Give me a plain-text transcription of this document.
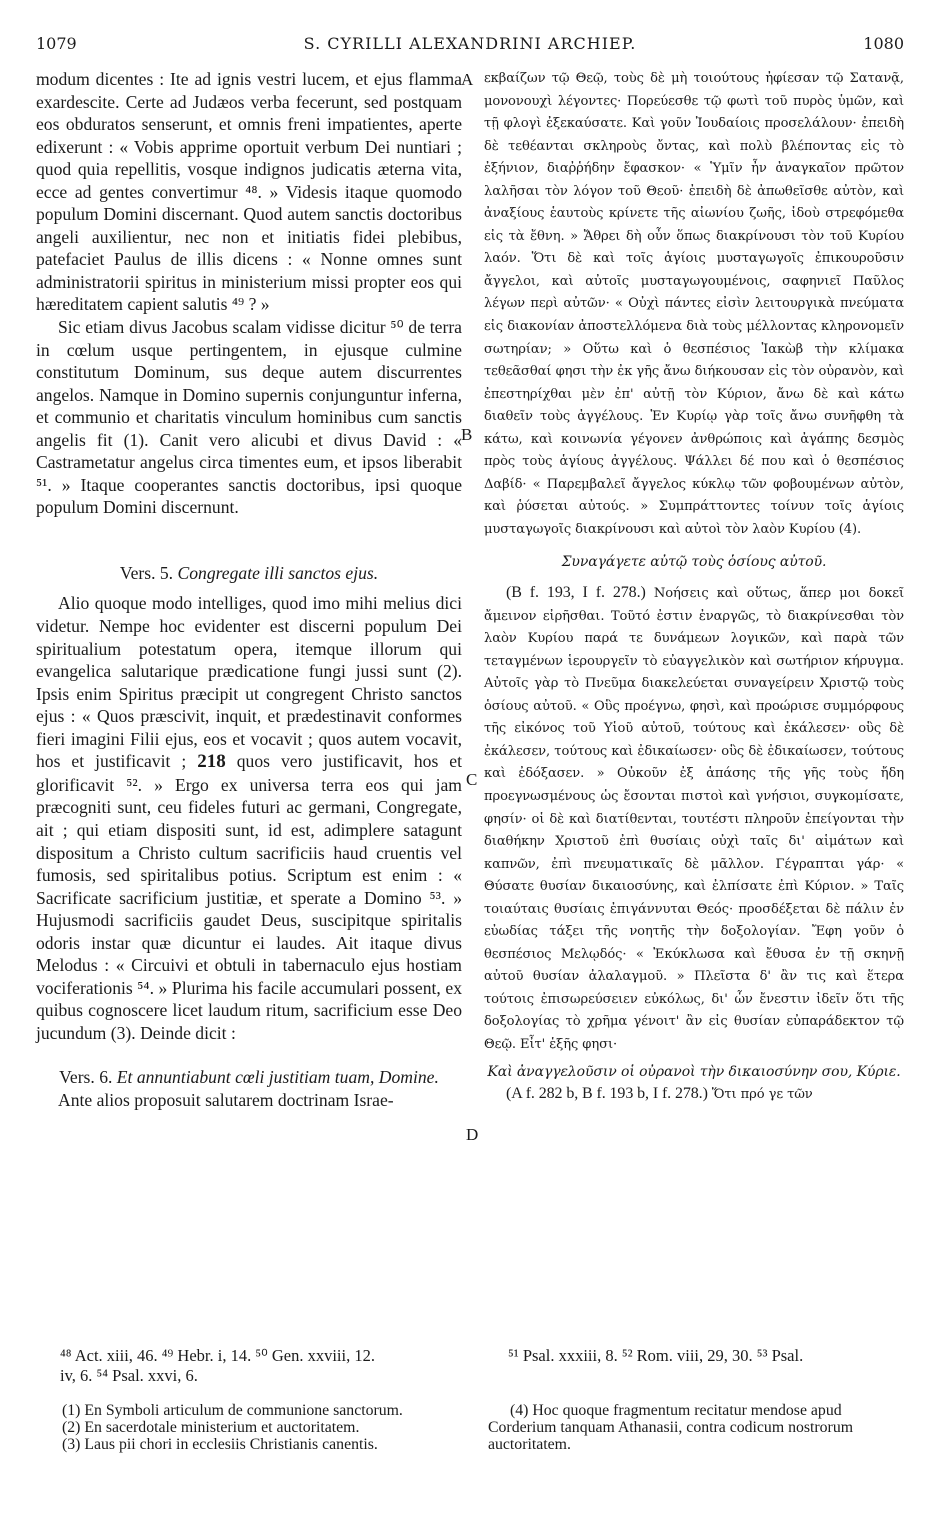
1079	S. CYRILLI ALEXANDRINI ARCHIEP.	1080

modum dicentes : Ite ad ignis vestri lucem, et ejus flamma exardescite. Certe ad Judæos verba fecerunt, sed postquam eos obduratos senserunt, et omnis freni impatientes, aperte edixerunt : « Vobis apprime oportuit verbum Dei nuntiari ; quod quia repellitis, vosque indignos judicatis æterna vita, ecce ad gentes convertimur ⁴⁸. » Videsis itaque quomodo populum Domini discernant. Quod autem sanctis doctoribus angeli auxilientur, nec non et initiatis fidei plebibus, patefaciet Paulus de illis dicens : « Nonne omnes sunt administratorii spiritus in ministerium missi propter eos qui hæreditatem capient salutis ⁴⁹ ? »

Sic etiam divus Jacobus scalam vidisse dicitur ⁵⁰ de terra in cœlum usque pertingentem, in ejusque culmine constitutum Dominum, sus deque autem discurrentes angelos. Namque in Domino supernis conjunguntur inferna, et communio et charitatis vinculum hominibus cum sanctis angelis fit (1). Canit vero alicubi et divus David : « Castrametatur angelus circa timentes eum, et ipsos liberabit ⁵¹. » Itaque cooperantes sanctis doctoribus, ipsi quoque populum Domini discernunt.

Vers. 5. Congregate illi sanctos ejus.

Alio quoque modo intelliges, quod imo mihi melius dici videtur. Nempe hoc evidenter est discerni populum Dei spiritualium potestatum opera, itemque illorum qui evangelica salutarique prædicatione fungi jussi sunt (2). Ipsis enim Spiritus præcipit ut congregent Christo sanctos ejus : « Quos præscivit, inquit, et prædestinavit conformes fieri imagini Filii ejus, eos et vocavit ; quos autem vocavit, hos et justificavit ; 218 quos vero justificavit, hos et glorificavit ⁵². » Ergo ex universa terra eos qui jam præcogniti sunt, ceu fideles futuri ac germani, Congregate, ait ; qui etiam dispositi sunt, id est, adimplere satagunt dispositum a Christo cultum sacrificiis haud cruentis vel fumosis, sed spiritalibus potius. Scriptum est enim : « Sacrificate sacrificium justitiæ, et sperate a Domino ⁵³. » Hujusmodi sacrificiis gaudet Deus, suscipitque spiritalis odoris instar quæ dicuntur ei laudes. Ait itaque divus Melodus : « Circuivi et obtuli in tabernaculo ejus hostiam vociferationis ⁵⁴. » Plurima his facile accumulari possent, ex quibus cognoscere licet laudum ritum, sacrificium esse Deo jucundum (3). Deinde dicit :

Vers. 6. Et annuntiabunt cœli justitiam tuam, Domine.

Ante alios proposuit salutarem doctrinam Israe-

A
B
C
D

εκβαίζων τῷ Θεῷ, τοὺς δὲ μὴ τοιούτους ἠφίεσαν τῷ Σατανᾷ, μονονουχὶ λέγοντες· Πορεύεσθε τῷ φωτὶ τοῦ πυρὸς ὑμῶν, καὶ τῇ φλογὶ ἐξεκαύσατε. Καὶ γοῦν Ἰουδαίοις προσελάλουν· ἐπειδὴ δὲ τεθέανται σκληροὺς ὄντας, καὶ πολὺ βλέποντας εἰς τὸ ἐξήνιον, διαῤῥήδην ἔφασκον· « Ὑμῖν ἦν ἀναγκαῖον πρῶτον λαλῆσαι τὸν λόγον τοῦ Θεοῦ· ἐπειδὴ δὲ ἀπωθεῖσθε αὐτὸν, καὶ ἀναξίους ἑαυτοὺς κρίνετε τῆς αἰωνίου ζωῆς, ἰδοὺ στρεφόμεθα εἰς τὰ ἔθνη. » Ἄθρει δὴ οὖν ὅπως διακρίνουσι τὸν τοῦ Κυρίου λαόν. Ὅτι δὲ καὶ τοῖς ἁγίοις μυσταγωγοῖς ἐπικουροῦσιν ἄγγελοι, καὶ αὐτοῖς μυσταγωγουμένοις, σαφηνιεῖ Παῦλος λέγων περὶ αὐτῶν· « Οὐχὶ πάντες εἰσὶν λειτουργικὰ πνεύματα εἰς διακονίαν ἀποστελλόμενα διὰ τοὺς μέλλοντας κληρονομεῖν σωτηρίαν; » Οὕτω καὶ ὁ θεσπέσιος Ἰακὼβ τὴν κλίμακα τεθεᾶσθαί φησι τὴν ἐκ γῆς ἄνω διήκουσαν εἰς τὸν οὐρανὸν, καὶ ἐπεστηρίχθαι μὲν ἐπ' αὐτῇ τὸν Κύριον, ἄνω δὲ καὶ κάτω διαθεῖν τοὺς ἀγγέλους. Ἐν Κυρίῳ γὰρ τοῖς ἄνω συνῆφθη τὰ κάτω, καὶ κοινωνία γέγονεν ἀνθρώποις καὶ ἀγάπης δεσμὸς πρὸς τοὺς ἁγίους ἀγγέλους. Ψάλλει δέ που καὶ ὁ θεσπέσιος Δαβίδ· « Παρεμβαλεῖ ἄγγελος κύκλῳ τῶν φοβουμένων αὐτὸν, καὶ ῥύσεται αὐτούς. » Συμπράττοντες τοίνυν τοῖς ἁγίοις μυσταγωγοῖς διακρίνουσι καὶ αὐτοὶ τὸν λαὸν Κυρίου (4).

Συναγάγετε αὐτῷ τοὺς ὁσίους αὐτοῦ.

(B f. 193, I f. 278.) Νοήσεις καὶ οὕτως, ἅπερ μοι δοκεῖ ἄμεινον εἰρῆσθαι. Τοῦτό ἐστιν ἐναργῶς, τὸ διακρίνεσθαι τὸν λαὸν Κυρίου παρά τε δυνάμεων λογικῶν, καὶ παρὰ τῶν τεταγμένων ἱερουργεῖν τὸ εὐαγγελικὸν καὶ σωτήριον κήρυγμα. Αὐτοῖς γὰρ τὸ Πνεῦμα διακελεύεται συναγείρειν Χριστῷ τοὺς ὁσίους αὐτοῦ. « Οὓς προέγνω, φησὶ, καὶ προώρισε συμμόρφους τῆς εἰκόνος τοῦ Υἱοῦ αὐτοῦ, τούτους καὶ ἐκάλεσεν· οὓς δὲ ἐκάλεσεν, τούτους καὶ ἐδικαίωσεν· οὓς δὲ ἐδικαίωσεν, τούτους καὶ ἐδόξασεν. » Οὐκοῦν ἐξ ἁπάσης τῆς γῆς τοὺς ἤδη προεγνωσμένους ὡς ἔσονται πιστοὶ καὶ γνήσιοι, συγκομίσατε, φησίν· οἱ δὲ καὶ διατίθενται, τουτέστι πληροῦν ἐπείγονται τὴν διαθήκην Χριστοῦ ἐπὶ θυσίαις οὐχὶ ταῖς δι' αἱμάτων καὶ καπνῶν, ἐπὶ πνευματικαῖς δὲ μᾶλλον. Γέγραπται γάρ· « Θύσατε θυσίαν δικαιοσύνης, καὶ ἐλπίσατε ἐπὶ Κύριον. » Ταῖς τοιαύταις θυσίαις ἐπιγάννυται Θεός· προσδέξεται δὲ πάλιν ἐν εὐωδίας τάξει τῆς νοητῆς τὴν δοξολογίαν. Ἔφη γοῦν ὁ θεσπέσιος Μελῳδός· « Ἐκύκλωσα καὶ ἔθυσα ἐν τῇ σκηνῇ αὐτοῦ θυσίαν ἀλαλαγμοῦ. » Πλεῖστα δ' ἂν τις καὶ ἕτερα τούτοις ἐπισωρεύσειεν εὐκόλως, δι' ὧν ἔνεστιν ἰδεῖν ὅτι τῆς δοξολογίας τὸ χρῆμα γένοιτ' ἂν εἰς θυσίαν εὐπαράδεκτον τῷ Θεῷ. Εἶτ' ἑξῆς φησι·

Καὶ ἀναγγελοῦσιν οἱ οὐρανοὶ τὴν δικαιοσύνην σου, Κύριε.

(A f. 282 b, B f. 193 b, I f. 278.) Ὅτι πρό γε τῶν

⁴⁸ Act. xiii, 46. ⁴⁹ Hebr. i, 14. ⁵⁰ Gen. xxviii, 12.
iv, 6. ⁵⁴ Psal. xxvi, 6.
⁵¹ Psal. xxxiii, 8. ⁵² Rom. viii, 29, 30. ⁵³ Psal.
(1) En Symboli articulum de communione sanctorum.
(2) En sacerdotale ministerium et auctoritatem.
(3) Laus pii chori in ecclesiis Christianis canentis.
(4) Hoc quoque fragmentum recitatur mendose apud Corderium tanquam Athanasii, contra codicum nostrorum auctoritatem.
